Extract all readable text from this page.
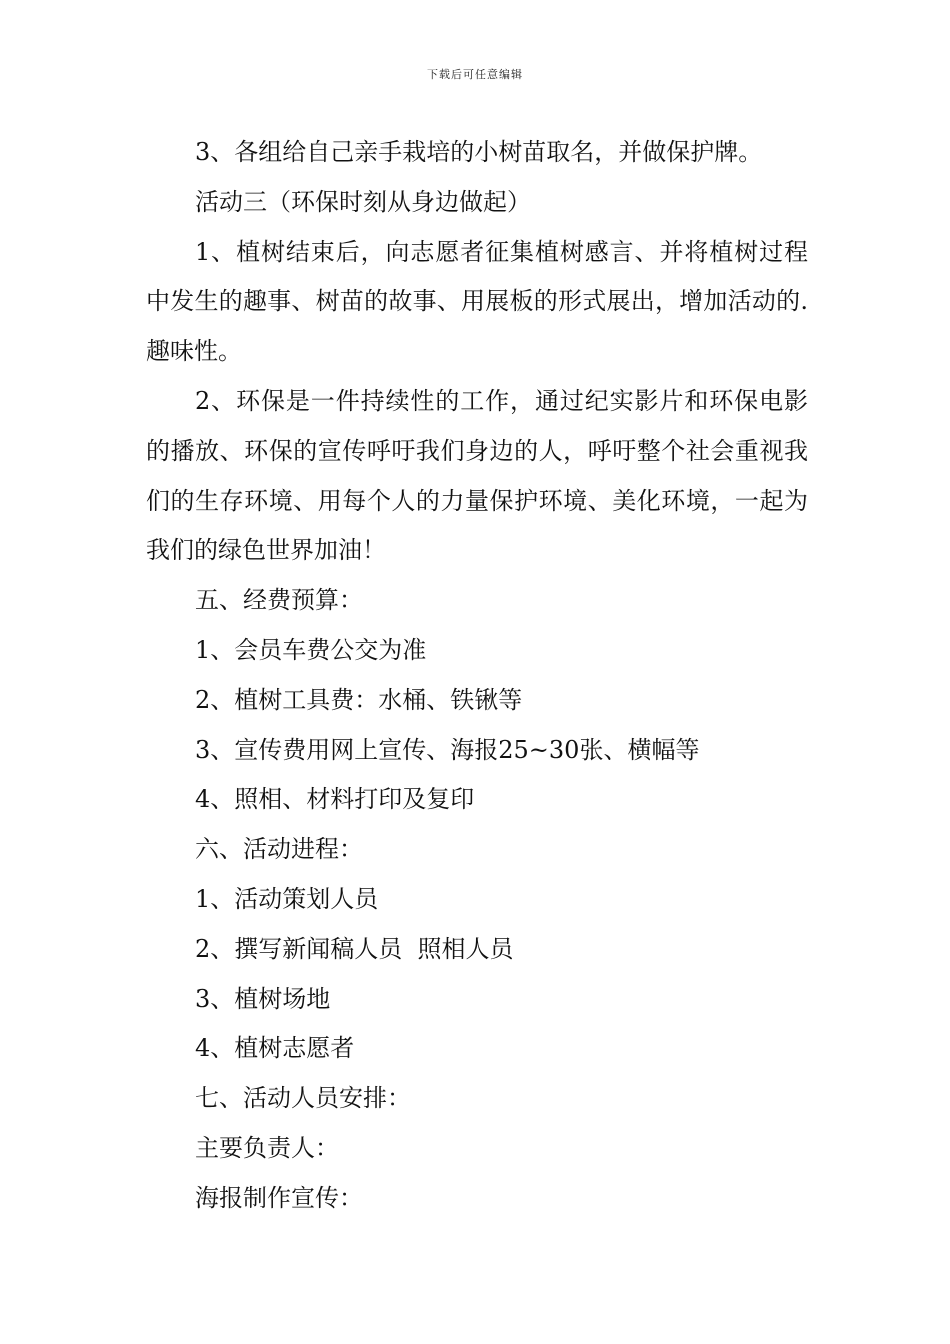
下载后可任意编辑

3、各组给自己亲手栽培的小树苗取名，并做保护牌。

活动三（环保时刻从身边做起）

1、植树结束后，向志愿者征集植树感言、并将植树过程中发生的趣事、树苗的故事、用展板的形式展出，增加活动的.趣味性。

2、环保是一件持续性的工作，通过纪实影片和环保电影的播放、环保的宣传呼吁我们身边的人，呼吁整个社会重视我们的生存环境、用每个人的力量保护环境、美化环境，一起为我们的绿色世界加油！

五、经费预算：

1、会员车费公交为准

2、植树工具费：水桶、铁锹等

3、宣传费用网上宣传、海报25~30张、横幅等

4、照相、材料打印及复印

六、活动进程：

1、活动策划人员

2、撰写新闻稿人员  照相人员

3、植树场地

4、植树志愿者

七、活动人员安排：

主要负责人：

海报制作宣传：
